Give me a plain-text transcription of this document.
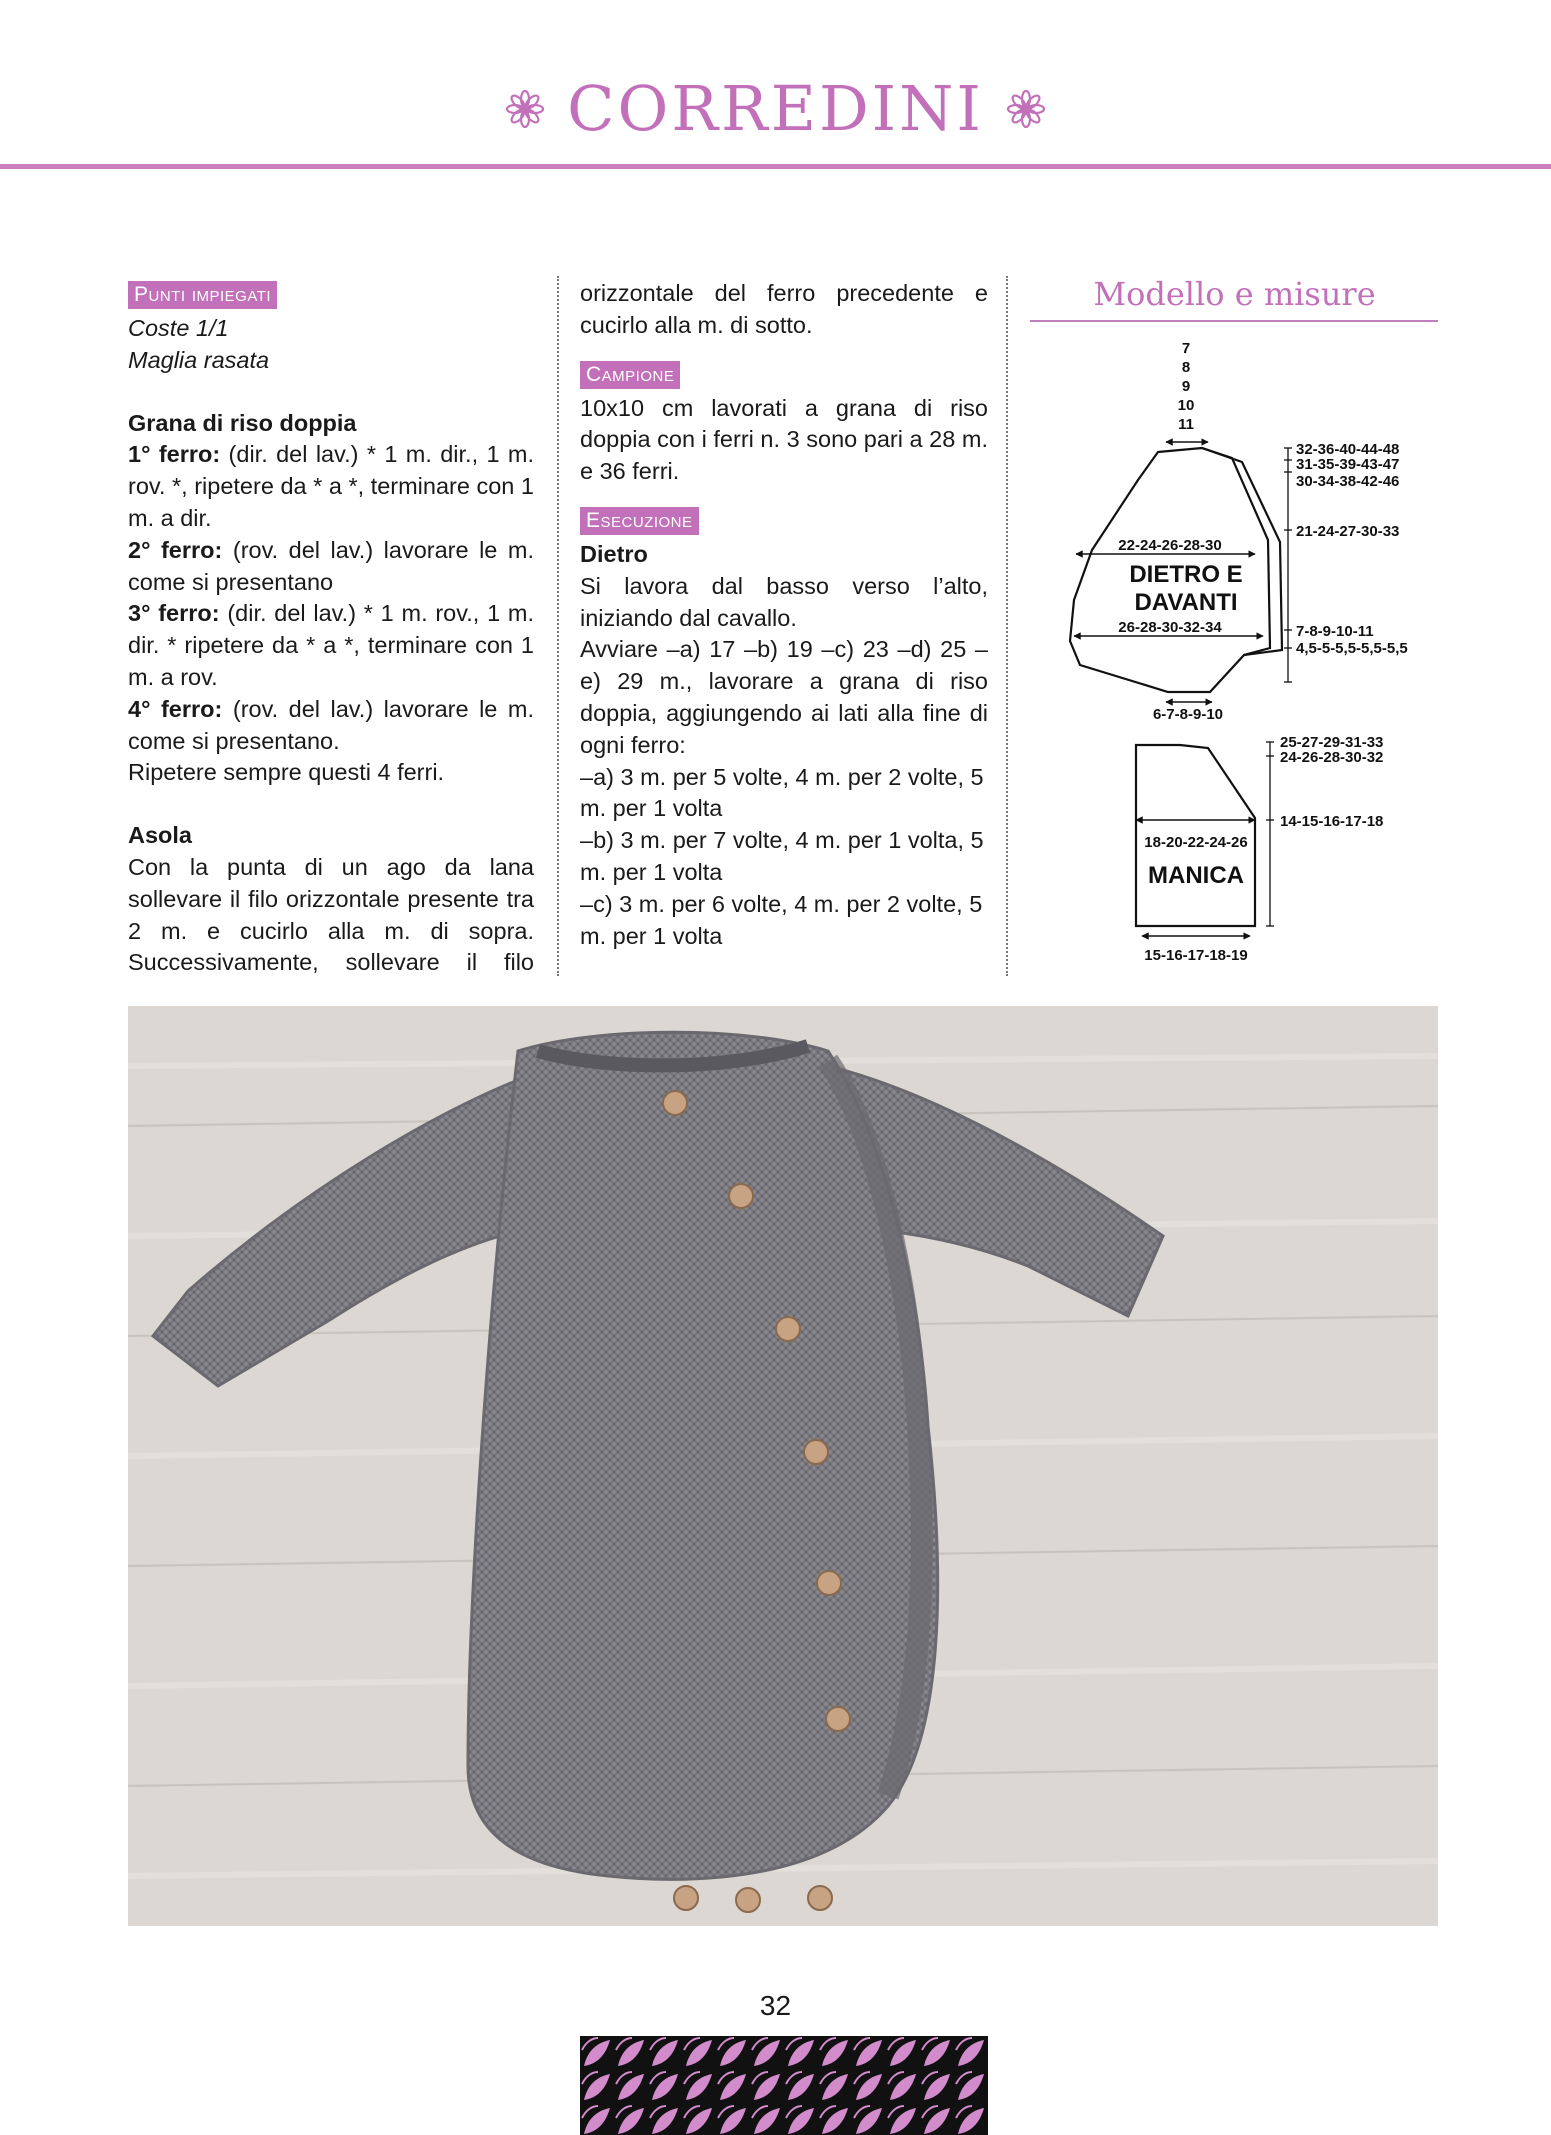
CORREDINI
Punti impiegati

Coste 1/1

Maglia rasata

Grana di riso doppia

1° ferro: (dir. del lav.) * 1 m. dir., 1 m. rov. *, ripetere da * a *, terminare con 1 m. a dir.

2° ferro: (rov. del lav.) lavorare le m. come si presentano

3° ferro: (dir. del lav.) * 1 m. rov., 1 m. dir. * ripetere da * a *, terminare con 1 m. a rov.

4° ferro: (rov. del lav.) lavorare le m. come si presentano.

Ripetere sempre questi 4 ferri.

Asola

Con la punta di un ago da lana sollevare il filo orizzontale presente tra 2 m. e cucirlo alla m. di sopra. Successivamente, sollevare il filo

orizzontale del ferro precedente e cucirlo alla m. di sotto.

Campione

10x10 cm lavorati a grana di riso doppia con i ferri n. 3 sono pari a 28 m. e 36 ferri.

Esecuzione

Dietro

Si lavora dal basso verso l’alto, iniziando dal cavallo.

Avviare –a) 17 –b) 19 –c) 23 –d) 25 –e) 29 m., lavorare a grana di riso doppia, aggiungendo ai lati alla fine di ogni ferro:

–a) 3 m. per 5 volte, 4 m. per 2 volte, 5 m. per 1 volta

–b) 3 m. per 7 volte, 4 m. per 1 volta, 5 m. per 1 volta

–c) 3 m. per 6 volte, 4 m. per 2 volte, 5 m. per 1 volta

Modello e misure
7
8
9
10
11
22-24-26-28-30
DIETRO E
DAVANTI
26-28-30-32-34
6-7-8-9-10
32-36-40-44-48
31-35-39-43-47
30-34-38-42-46
21-24-27-30-33
7-8-9-10-11
4,5-5-5,5-5,5-5,5
18-20-22-24-26
MANICA
15-16-17-18-19
25-27-29-31-33
24-26-28-30-32
14-15-16-17-18
32
